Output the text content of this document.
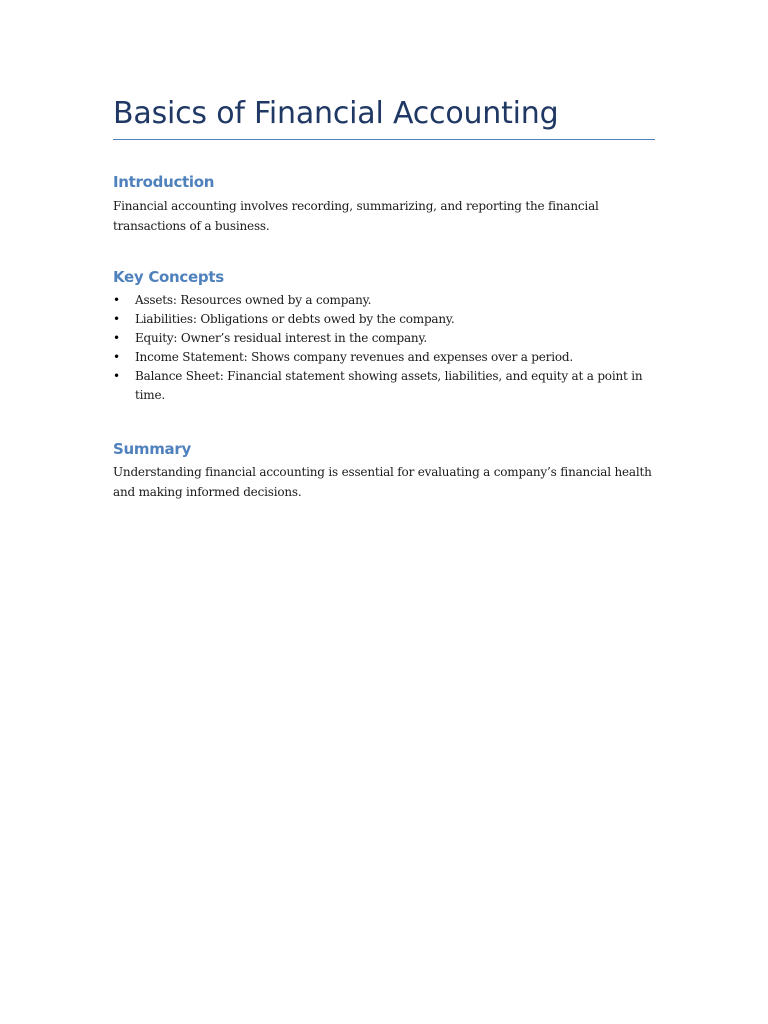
Basics of Financial Accounting
Introduction

Financial accounting involves recording, summarizing, and reporting the financial transactions of a business.

Key Concepts
• Assets: Resources owned by a company.
• Liabilities: Obligations or debts owed by the company.
• Equity: Owner’s residual interest in the company.
• Income Statement: Shows company revenues and expenses over a period.
• Balance Sheet: Financial statement showing assets, liabilities, and equity at a point in time.
Summary

Understanding financial accounting is essential for evaluating a company’s financial health and making informed decisions.
